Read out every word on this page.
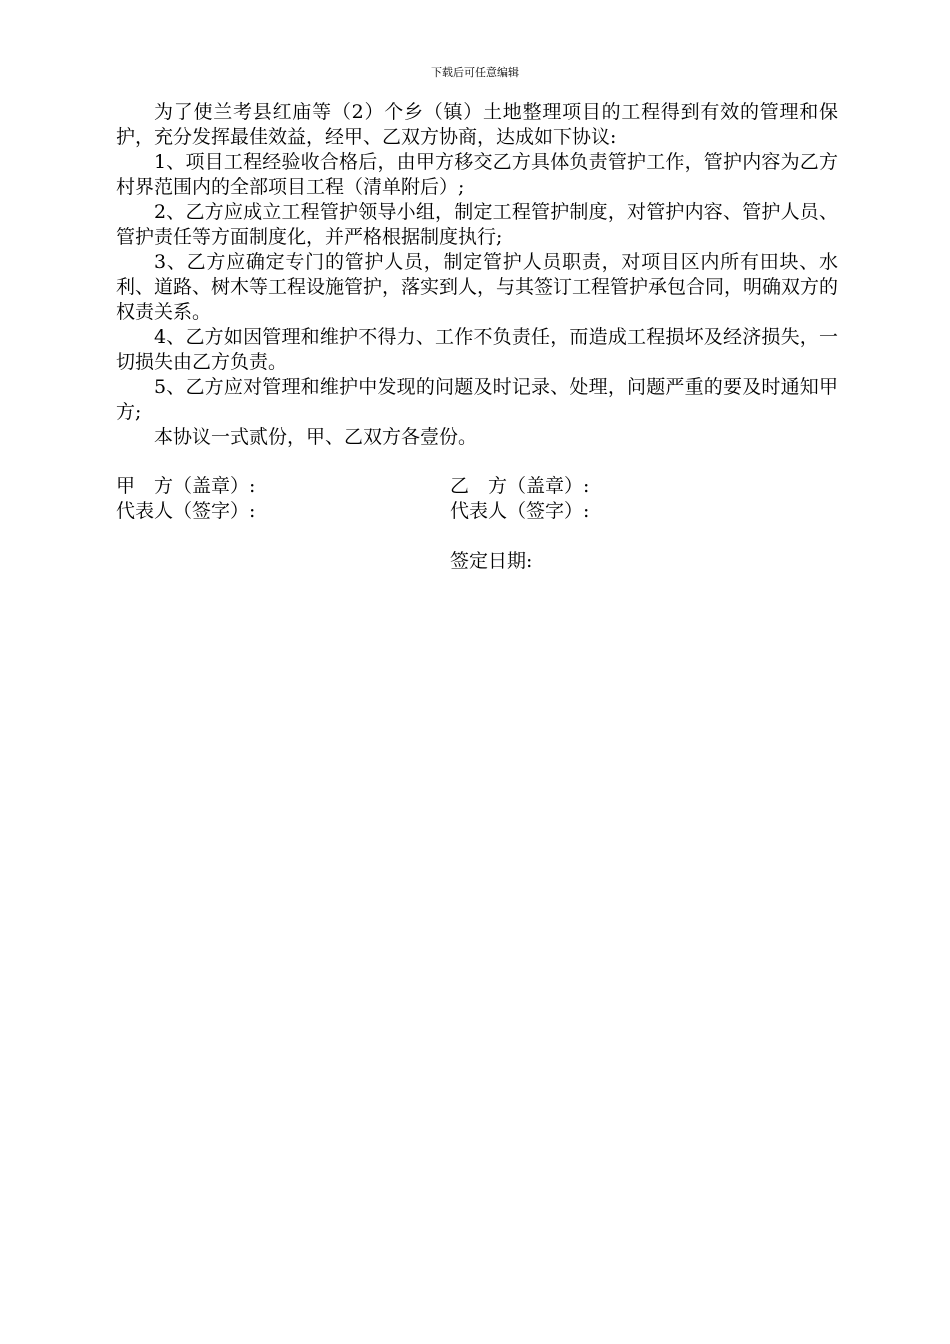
下载后可任意编辑

为了使兰考县红庙等（2）个乡（镇）土地整理项目的工程得到有效的管理和保护，充分发挥最佳效益，经甲、乙双方协商，达成如下协议:

1、项目工程经验收合格后，由甲方移交乙方具体负责管护工作，管护内容为乙方村界范围内的全部项目工程（清单附后）;

2、乙方应成立工程管护领导小组，制定工程管护制度，对管护内容、管护人员、管护责任等方面制度化，并严格根据制度执行;

3、乙方应确定专门的管护人员，制定管护人员职责，对项目区内所有田块、水利、道路、树木等工程设施管护，落实到人，与其签订工程管护承包合同，明确双方的权责关系。

4、乙方如因管理和维护不得力、工作不负责任，而造成工程损坏及经济损失，一切损失由乙方负责。

5、乙方应对管理和维护中发现的问题及时记录、处理，问题严重的要及时通知甲方;

本协议一式贰份，甲、乙双方各壹份。

甲　方（盖章）:	乙　方（盖章）:
代表人（签字）:	代表人（签字）:
签定日期:
